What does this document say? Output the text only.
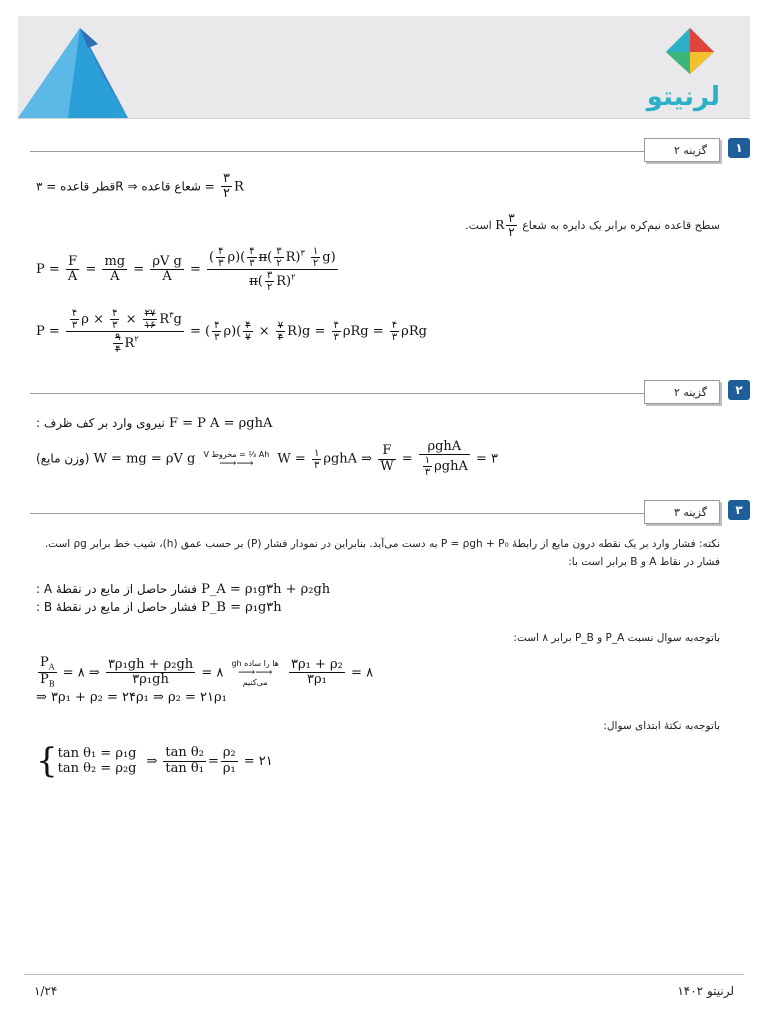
لرنیتو
۱
گزینه ۲
قطر قاعده = ۳R ⇒ شعاع قاعده = $\frac{۳}{۲}$ R
سطح قاعده نیم‌کره برابر یک دایره به شعاع
$\frac{۳}{۲}$
R است.
$P = \frac{F}{A} = \frac{mg}{A} = \frac{\text{ρV g}}{A} = \frac{( \frac{۴}{۳} \rho)( \frac{۴}{۳} \pi( \frac{۳}{۲} R)^۳ \frac{۱}{۲} g)}{\pi( \frac{۳}{۲} R)^۲}$
$P = \frac{\frac{۴}{۳} \rho \times \frac{۴}{۳} \times \frac{۲۷}{۱۶} R^۳g}{\frac{۹}{۴} R^۲}$ = ( $\frac{۴}{۳} \rho)( \frac{۴}{۷} \times \frac{۷}{۴} R)g = \frac{۴}{۳}$ $\rho Rg = \frac{۴}{۳}$ ρRg
۲
گزینه ۲
نیروی وارد بر کف ظرف : F = P A = ρghA
(وزن مایع) W = mg = ρV g V مخروط = ⅓ Ah
⟶⟶	$W = \frac{۱}{۳}$ ρghA ⇒ $\frac{F}{W} = \frac{\text{ρghA}}{\frac{۱}{۳} \rho ghA}$ = ۳
۳
گزینه ۳
نکته: فشار وارد بر یک نقطه درون مایع از رابطهٔ P = ρgh + P₀ به دست می‌آید. بنابراین در نمودار فشار (P) بر حسب عمق (h)، شیب خط برابر ρg است.
فشار در نقاط A و B برابر است با:
فشار حاصل از مایع در نقطهٔ A : P_A = ρ₁g۳h + ρ₂gh
فشار حاصل از مایع در نقطهٔ B : P_B = ρ₁g۳h
باتوجه‌به سوال نسبت P_A و P_B برابر ۸ است:
$\frac{P_A}{P_B}$ = ۸ ⇒ $\frac{\text{۳ρ₁gh + ρ₂gh}}{\text{۳ρ₁gh}}$ = ۸
gh ها را ساده
⟶⟶
می‌کنیم
	$\frac{\text{۳ρ₁ + ρ₂}}{\text{۳ρ₁}}$ = ۸
⇒ ۳ρ₁ + ρ₂ = ۲۴ρ₁ ⇒ ρ₂ = ۲۱ρ₁
باتوجه‌به نکتهٔ ابتدای سوال:
{ tan θ₁ = ρ₁g
tan θ₂ = ρ₂g ⇒ $\frac{\text{tan θ₂}}{\text{tan θ₁}} = \frac{\text{ρ₂}}{\text{ρ₁}}$ = ۲۱
۱/۲۴	لرنیتو ۱۴۰۲
